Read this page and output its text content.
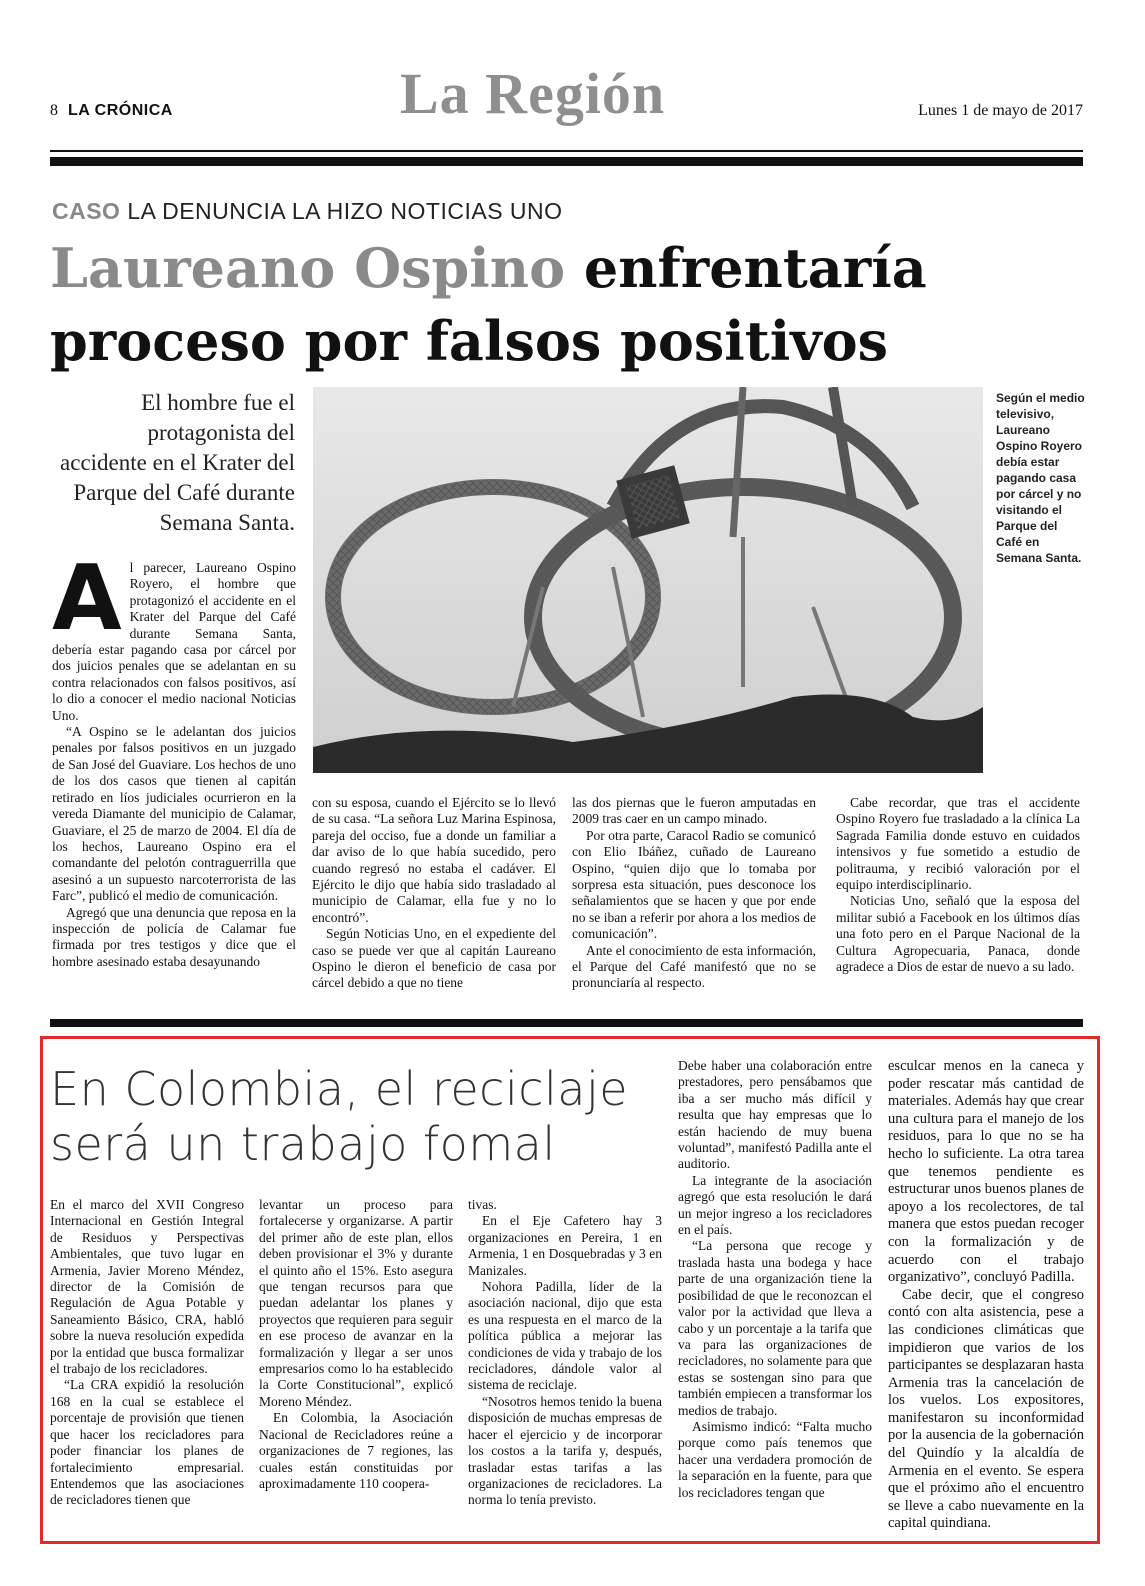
8 LA CRÓNICA	La Región	Lunes 1 de mayo de 2017
CASO LA DENUNCIA LA HIZO NOTICIAS UNO
Laureano Ospino enfrentaría proceso por falsos positivos
El hombre fue el protagonista del accidente en el Krater del Parque del Café durante Semana Santa.
Según el medio televisivo, Laureano Ospino Royero debía estar pagando casa por cárcel y no visitando el Parque del Café en Semana Santa.

Al parecer, Laureano Ospino Royero, el hombre que protagonizó el accidente en el Krater del Parque del Café durante Semana Santa, debería estar pagando casa por cárcel por dos juicios penales que se adelantan en su contra relacionados con falsos positivos, así lo dio a conocer el medio nacional Noticias Uno.

“A Ospino se le adelantan dos juicios penales por falsos positivos en un juzgado de San José del Guaviare. Los hechos de uno de los dos casos que tienen al capitán retirado en líos judiciales ocurrieron en la vereda Diamante del municipio de Calamar, Guaviare, el 25 de marzo de 2004. El día de los hechos, Laureano Ospino era el comandante del pelotón contraguerrilla que asesinó a un supuesto narcoterrorista de las Farc”, publicó el medio de comunicación.

Agregó que una denuncia que reposa en la inspección de policía de Calamar fue firmada por tres testigos y dice que el hombre asesinado estaba desayunando

con su esposa, cuando el Ejército se lo llevó de su casa. “La señora Luz Marina Espinosa, pareja del occiso, fue a donde un familiar a dar aviso de lo que había sucedido, pero cuando regresó no estaba el cadáver. El Ejército le dijo que había sido trasladado al municipio de Calamar, ella fue y no lo encontró”.

Según Noticias Uno, en el expediente del caso se puede ver que al capitán Laureano Ospino le dieron el beneficio de casa por cárcel debido a que no tiene

las dos piernas que le fueron amputadas en 2009 tras caer en un campo minado.

Por otra parte, Caracol Radio se comunicó con Elio Ibáñez, cuñado de Laureano Ospino, “quien dijo que lo tomaba por sorpresa esta situación, pues desconoce los señalamientos que se hacen y que por ende no se iban a referir por ahora a los medios de comunicación”.

Ante el conocimiento de esta información, el Parque del Café manifestó que no se pronunciaría al respecto.

Cabe recordar, que tras el accidente Ospino Royero fue trasladado a la clínica La Sagrada Familia donde estuvo en cuidados intensivos y fue sometido a estudio de politrauma, y recibió valoración por el equipo interdisciplinario.

Noticias Uno, señaló que la esposa del militar subió a Facebook en los últimos días una foto pero en el Parque Nacional de la Cultura Agropecuaria, Panaca, donde agradece a Dios de estar de nuevo a su lado.

En Colombia, el reciclaje será un trabajo fomal

En el marco del XVII Congreso Internacional en Gestión Integral de Residuos y Perspectivas Ambientales, que tuvo lugar en Armenia, Javier Moreno Méndez, director de la Comisión de Regulación de Agua Potable y Saneamiento Básico, CRA, habló sobre la nueva resolución expedida por la entidad que busca formalizar el trabajo de los recicladores.

“La CRA expidió la resolución 168 en la cual se establece el porcentaje de provisión que tienen que hacer los recicladores para poder financiar los planes de fortalecimiento empresarial. Entendemos que las asociaciones de recicladores tienen que

levantar un proceso para fortalecerse y organizarse. A partir del primer año de este plan, ellos deben provisionar el 3% y durante el quinto año el 15%. Esto asegura que tengan recursos para que puedan adelantar los planes y proyectos que requieren para seguir en ese proceso de avanzar en la formalización y llegar a ser unos empresarios como lo ha establecido la Corte Constitucional”, explicó Moreno Méndez.

En Colombia, la Asociación Nacional de Recicladores reúne a organizaciones de 7 regiones, las cuales están constituidas por aproximadamente 110 coopera-

tivas.

En el Eje Cafetero hay 3 organizaciones en Pereira, 1 en Armenia, 1 en Dosquebradas y 3 en Manizales.

Nohora Padilla, líder de la asociación nacional, dijo que esta es una respuesta en el marco de la política pública a mejorar las condiciones de vida y trabajo de los recicladores, dándole valor al sistema de reciclaje.

“Nosotros hemos tenido la buena disposición de muchas empresas de hacer el ejercicio y de incorporar los costos a la tarifa y, después, trasladar estas tarifas a las organizaciones de recicladores. La norma lo tenía previsto.

Debe haber una colaboración entre prestadores, pero pensábamos que iba a ser mucho más difícil y resulta que hay empresas que lo están haciendo de muy buena voluntad”, manifestó Padilla ante el auditorio.

La integrante de la asociación agregó que esta resolución le dará un mejor ingreso a los recicladores en el país.

“La persona que recoge y traslada hasta una bodega y hace parte de una organización tiene la posibilidad de que le reconozcan el valor por la actividad que lleva a cabo y un porcentaje a la tarifa que va para las organizaciones de recicladores, no solamente para que estas se sostengan sino para que también empiecen a transformar los medios de trabajo.

Asimismo indicó: “Falta mucho porque como país tenemos que hacer una verdadera promoción de la separación en la fuente, para que los recicladores tengan que

esculcar menos en la caneca y poder rescatar más cantidad de materiales. Además hay que crear una cultura para el manejo de los residuos, para lo que no se ha hecho lo suficiente. La otra tarea que tenemos pendiente es estructurar unos buenos planes de apoyo a los recolectores, de tal manera que estos puedan recoger con la formalización y de acuerdo con el trabajo organizativo”, concluyó Padilla.

Cabe decir, que el congreso contó con alta asistencia, pese a las condiciones climáticas que impidieron que varios de los participantes se desplazaran hasta Armenia tras la cancelación de los vuelos. Los expositores, manifestaron su inconformidad por la ausencia de la gobernación del Quindío y la alcaldía de Armenia en el evento. Se espera que el próximo año el encuentro se lleve a cabo nuevamente en la capital quindiana.
